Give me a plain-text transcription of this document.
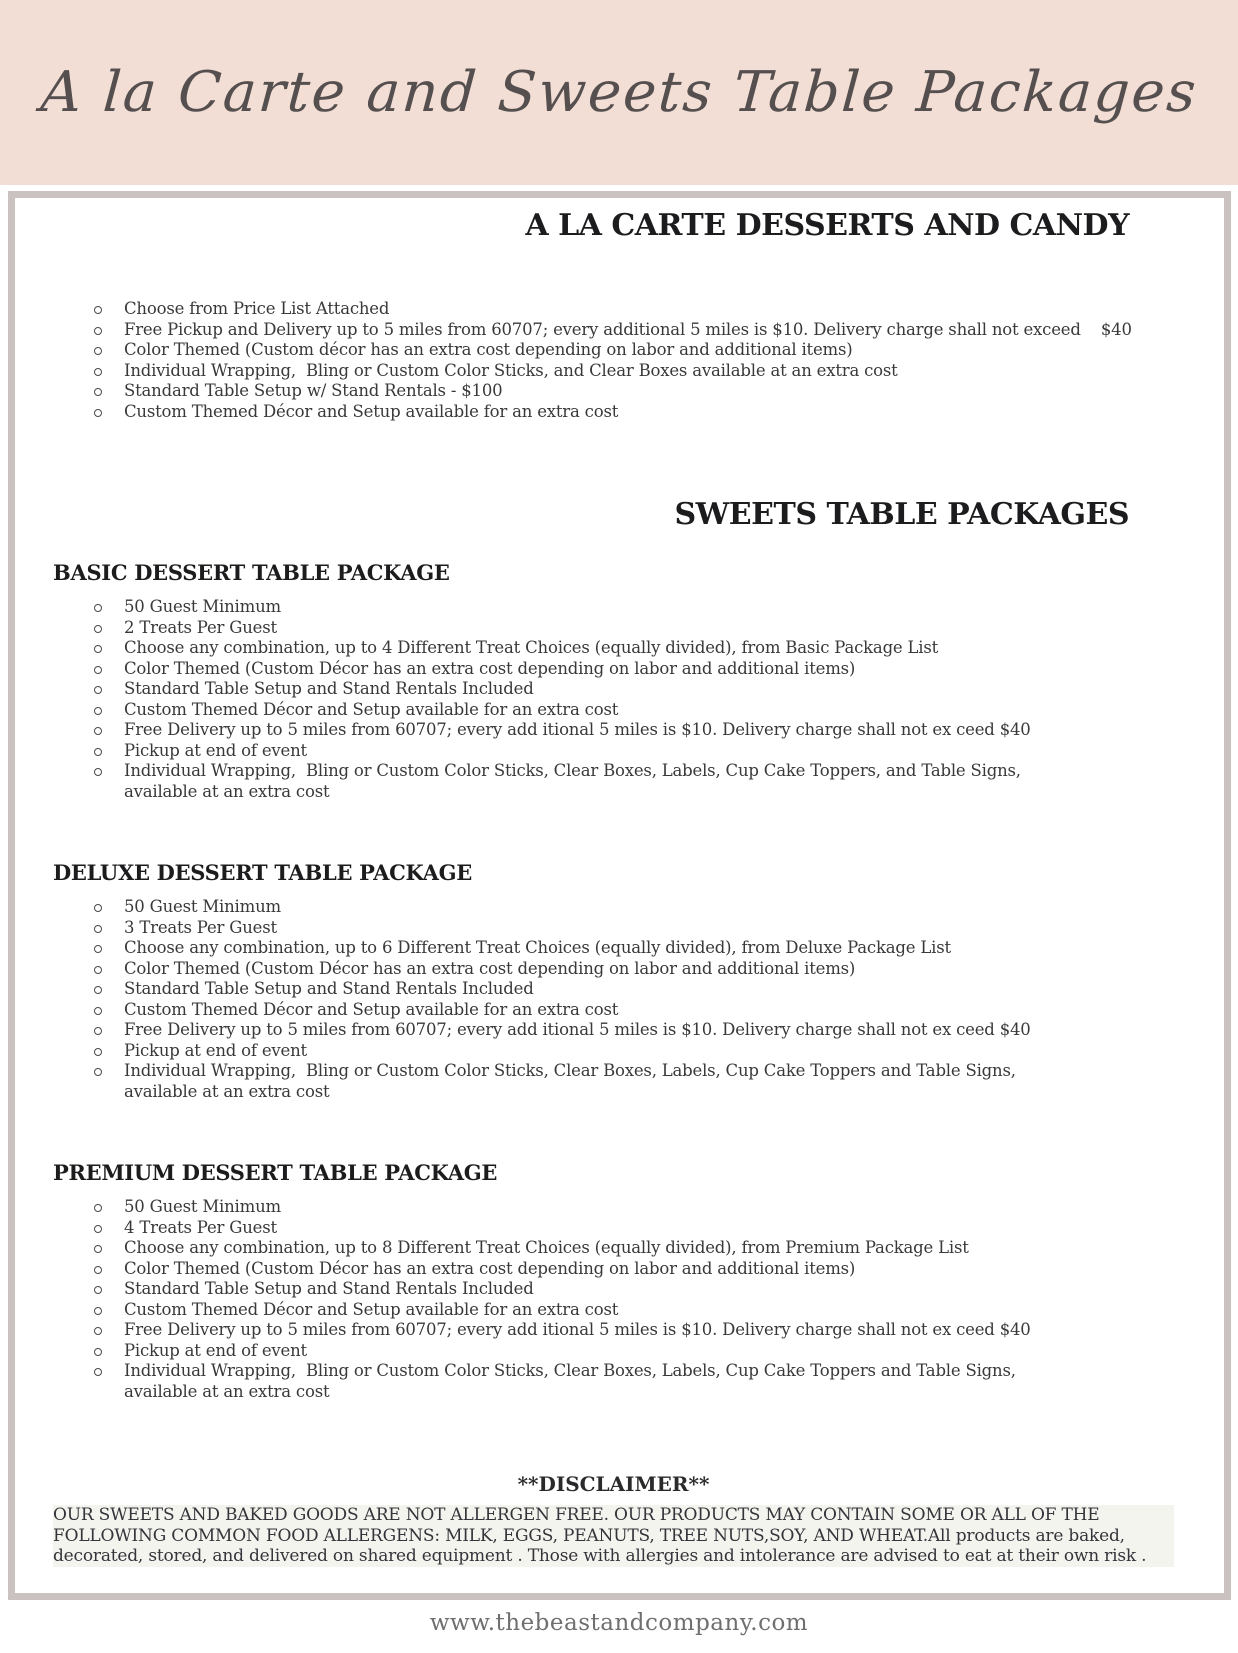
A la Carte and Sweets Table Packages
A LA CARTE DESSERTS AND CANDY
Choose from Price List Attached
Free Pickup and Delivery up to 5 miles from 60707; every additional 5 miles is $10. Delivery charge shall not exceed    $40
Color Themed (Custom décor has an extra cost depending on labor and additional items)
Individual Wrapping,  Bling or Custom Color Sticks, and Clear Boxes available at an extra cost
Standard Table Setup w/ Stand Rentals - $100
Custom Themed Décor and Setup available for an extra cost
SWEETS TABLE PACKAGES
BASIC DESSERT TABLE PACKAGE
50 Guest Minimum
2 Treats Per Guest
Choose any combination, up to 4 Different Treat Choices (equally divided), from Basic Package List
Color Themed (Custom Décor has an extra cost depending on labor and additional items)
Standard Table Setup and Stand Rentals Included
Custom Themed Décor and Setup available for an extra cost
Free Delivery up to 5 miles from 60707; every add itional 5 miles is $10. Delivery charge shall not ex ceed $40
Pickup at end of event
Individual Wrapping,  Bling or Custom Color Sticks, Clear Boxes, Labels, Cup Cake Toppers, and Table Signs, available at an extra cost
DELUXE DESSERT TABLE PACKAGE
50 Guest Minimum
3 Treats Per Guest
Choose any combination, up to 6 Different Treat Choices (equally divided), from Deluxe Package List
Color Themed (Custom Décor has an extra cost depending on labor and additional items)
Standard Table Setup and Stand Rentals Included
Custom Themed Décor and Setup available for an extra cost
Free Delivery up to 5 miles from 60707; every add itional 5 miles is $10. Delivery charge shall not ex ceed $40
Pickup at end of event
Individual Wrapping,  Bling or Custom Color Sticks, Clear Boxes, Labels, Cup Cake Toppers and Table Signs, available at an extra cost
PREMIUM DESSERT TABLE PACKAGE
50 Guest Minimum
4 Treats Per Guest
Choose any combination, up to 8 Different Treat Choices (equally divided), from Premium Package List
Color Themed (Custom Décor has an extra cost depending on labor and additional items)
Standard Table Setup and Stand Rentals Included
Custom Themed Décor and Setup available for an extra cost
Free Delivery up to 5 miles from 60707; every add itional 5 miles is $10. Delivery charge shall not ex ceed $40
Pickup at end of event
Individual Wrapping,  Bling or Custom Color Sticks, Clear Boxes, Labels, Cup Cake Toppers and Table Signs, available at an extra cost
**DISCLAIMER**
OUR SWEETS AND BAKED GOODS ARE NOT ALLERGEN FREE. OUR PRODUCTS MAY CONTAIN SOME OR ALL OF THE FOLLOWING COMMON FOOD ALLERGENS: MILK, EGGS, PEANUTS, TREE NUTS,SOY, AND WHEAT.All products are baked, decorated, stored, and delivered on shared equipment . Those with allergies and intolerance are advised to eat at their own risk .
www.thebeastandcompany.com
